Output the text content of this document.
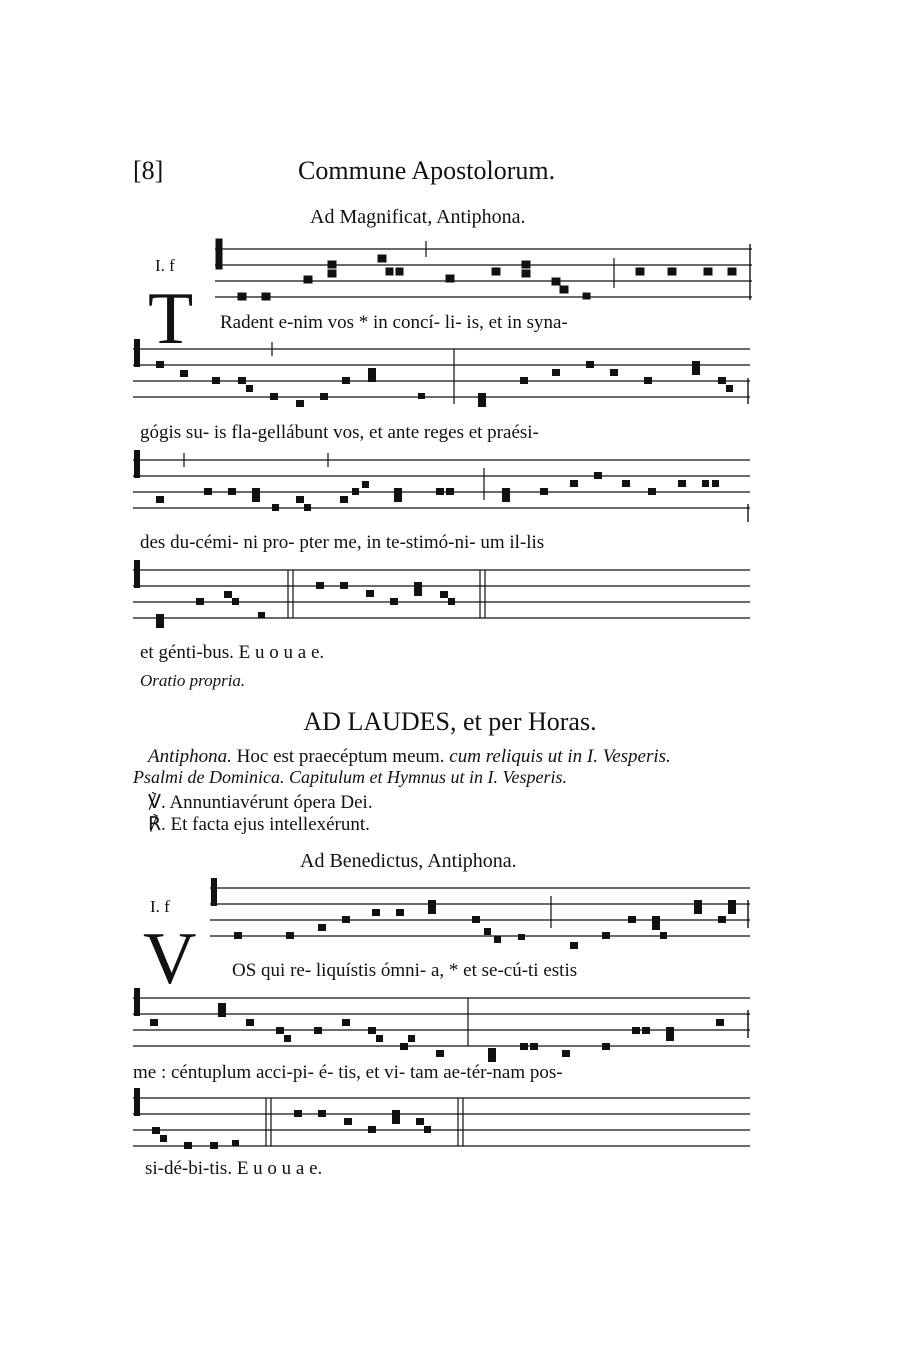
[8]	Commune Apostolorum.
Ad Magnificat, Antiphona.
I. f
T Radent e-nim vos * in concí- li- is, et in syna-
gógis su- is fla-gellábunt vos, et ante reges et praési-
des du-cémi- ni pro- pter me, in te-stimó-ni- um il-lis
et génti-bus. E u o u a e.
Oratio propria.
AD LAUDES, et per Horas.
Antiphona. Hoc est praecéptum meum. cum reliquis ut in I. Vesperis.
Psalmi de Dominica. Capitulum et Hymnus ut in I. Vesperis.
℣. Annuntiavérunt ópera Dei.
℟. Et facta ejus intellexérunt.
Ad Benedictus, Antiphona.
I. f
V OS qui re- liquístis ómni- a, * et se-cú-ti estis
me : céntuplum acci-pi- é- tis, et vi- tam ae-tér-nam pos-
si-dé-bi-tis. E u o u a e.
